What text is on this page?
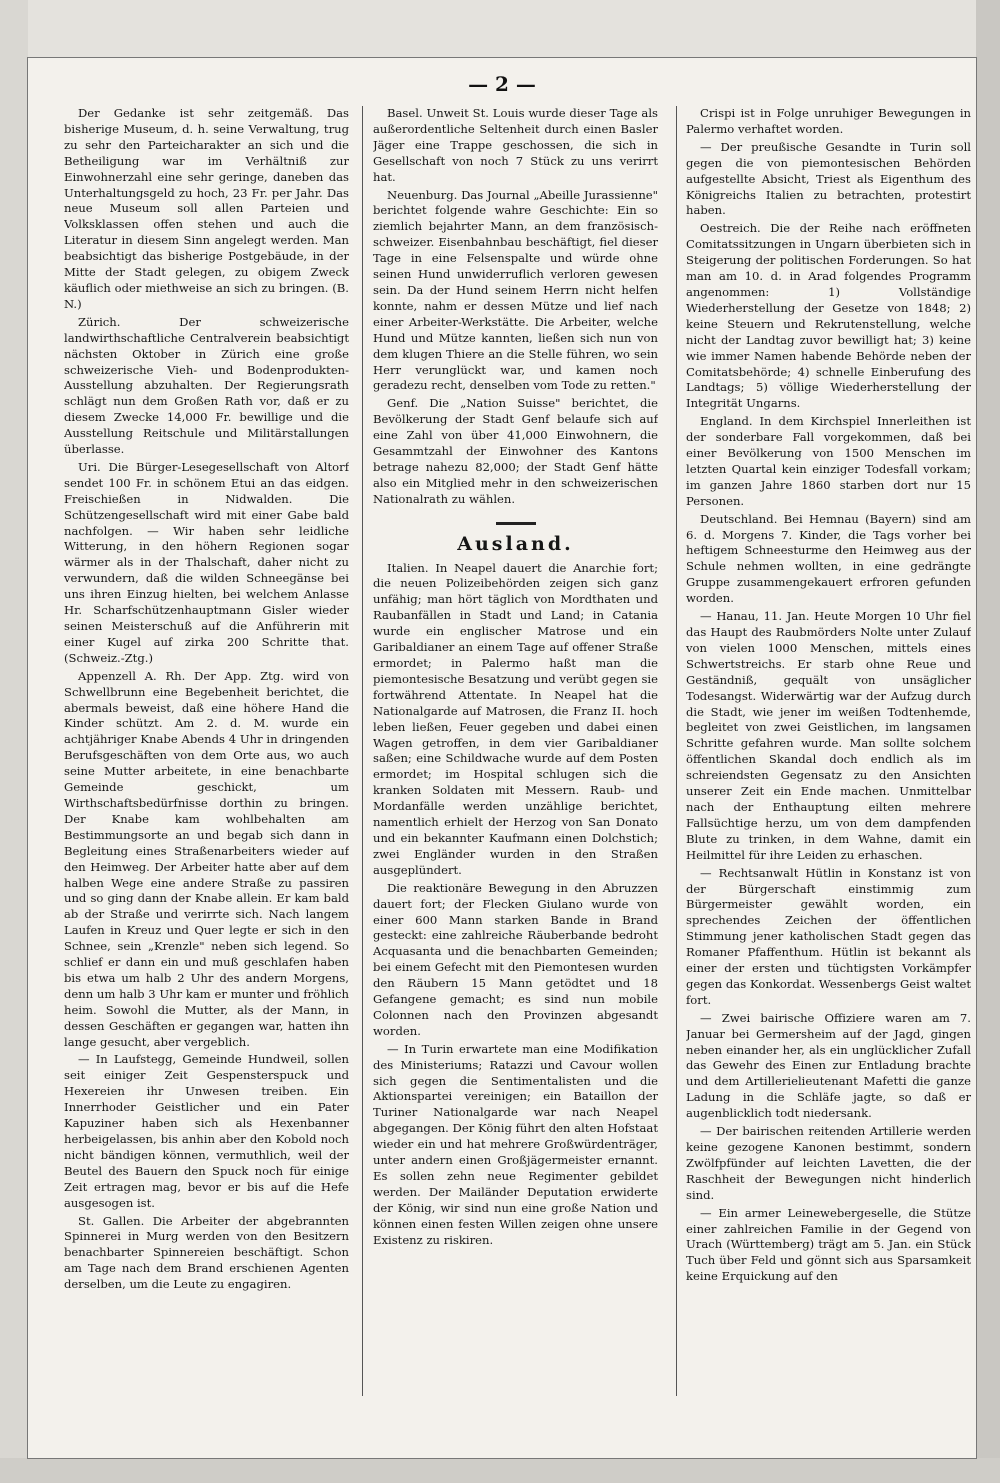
— 2 —

Der Gedanke ist sehr zeitgemäß. Das bisherige Museum, d. h. seine Verwaltung, trug zu sehr den Parteicharakter an sich und die Betheiligung war im Verhältniß zur Einwohnerzahl eine sehr geringe, daneben das Unterhaltungsgeld zu hoch, 23 Fr. per Jahr. Das neue Museum soll allen Parteien und Volksklassen offen stehen und auch die Literatur in diesem Sinn angelegt werden. Man beabsichtigt das bisherige Postgebäude, in der Mitte der Stadt gelegen, zu obigem Zweck käuflich oder miethweise an sich zu bringen. (B. N.)

Zürich. Der schweizerische landwirthschaftliche Centralverein beabsichtigt nächsten Oktober in Zürich eine große schweizerische Vieh- und Bodenprodukten-Ausstellung abzuhalten. Der Regierungsrath schlägt nun dem Großen Rath vor, daß er zu diesem Zwecke 14,000 Fr. bewillige und die Ausstellung Reitschule und Militärstallungen überlasse.

Uri. Die Bürger-Lesegesellschaft von Altorf sendet 100 Fr. in schönem Etui an das eidgen. Freischießen in Nidwalden. Die Schützengesellschaft wird mit einer Gabe bald nachfolgen. — Wir haben sehr leidliche Witterung, in den höhern Regionen sogar wärmer als in der Thalschaft, daher nicht zu verwundern, daß die wilden Schneegänse bei uns ihren Einzug hielten, bei welchem Anlasse Hr. Scharfschützenhauptmann Gisler wieder seinen Meisterschuß auf die Anführerin mit einer Kugel auf zirka 200 Schritte that. (Schweiz.-Ztg.)

Appenzell A. Rh. Der App. Ztg. wird von Schwellbrunn eine Begebenheit berichtet, die abermals beweist, daß eine höhere Hand die Kinder schützt. Am 2. d. M. wurde ein achtjähriger Knabe Abends 4 Uhr in dringenden Berufsgeschäften von dem Orte aus, wo auch seine Mutter arbeitete, in eine benachbarte Gemeinde geschickt, um Wirthschaftsbedürfnisse dorthin zu bringen. Der Knabe kam wohlbehalten am Bestimmungsorte an und begab sich dann in Begleitung eines Straßenarbeiters wieder auf den Heimweg. Der Arbeiter hatte aber auf dem halben Wege eine andere Straße zu passiren und so ging dann der Knabe allein. Er kam bald ab der Straße und verirrte sich. Nach langem Laufen in Kreuz und Quer legte er sich in den Schnee, sein „Krenzle" neben sich legend. So schlief er dann ein und muß geschlafen haben bis etwa um halb 2 Uhr des andern Morgens, denn um halb 3 Uhr kam er munter und fröhlich heim. Sowohl die Mutter, als der Mann, in dessen Geschäften er gegangen war, hatten ihn lange gesucht, aber vergeblich.

— In Laufstegg, Gemeinde Hundweil, sollen seit einiger Zeit Gespensterspuck und Hexereien ihr Unwesen treiben. Ein Innerrhoder Geistlicher und ein Pater Kapuziner haben sich als Hexenbanner herbeigelassen, bis anhin aber den Kobold noch nicht bändigen können, vermuthlich, weil der Beutel des Bauern den Spuck noch für einige Zeit ertragen mag, bevor er bis auf die Hefe ausgesogen ist.

St. Gallen. Die Arbeiter der abgebrannten Spinnerei in Murg werden von den Besitzern benachbarter Spinnereien beschäftigt. Schon am Tage nach dem Brand erschienen Agenten derselben, um die Leute zu engagiren.

Basel. Unweit St. Louis wurde dieser Tage als außerordentliche Seltenheit durch einen Basler Jäger eine Trappe geschossen, die sich in Gesellschaft von noch 7 Stück zu uns verirrt hat.

Neuenburg. Das Journal „Abeille Jurassienne" berichtet folgende wahre Geschichte: Ein so ziemlich bejahrter Mann, an dem französisch-schweizer. Eisenbahnbau beschäftigt, fiel dieser Tage in eine Felsenspalte und würde ohne seinen Hund unwiderruflich verloren gewesen sein. Da der Hund seinem Herrn nicht helfen konnte, nahm er dessen Mütze und lief nach einer Arbeiter-Werkstätte. Die Arbeiter, welche Hund und Mütze kannten, ließen sich nun von dem klugen Thiere an die Stelle führen, wo sein Herr verunglückt war, und kamen noch geradezu recht, denselben vom Tode zu retten."

Genf. Die „Nation Suisse" berichtet, die Bevölkerung der Stadt Genf belaufe sich auf eine Zahl von über 41,000 Einwohnern, die Gesammtzahl der Einwohner des Kantons betrage nahezu 82,000; der Stadt Genf hätte also ein Mitglied mehr in den schweizerischen Nationalrath zu wählen.

Ausland.

Italien. In Neapel dauert die Anarchie fort; die neuen Polizeibehörden zeigen sich ganz unfähig; man hört täglich von Mordthaten und Raubanfällen in Stadt und Land; in Catania wurde ein englischer Matrose und ein Garibaldianer an einem Tage auf offener Straße ermordet; in Palermo haßt man die piemontesische Besatzung und verübt gegen sie fortwährend Attentate. In Neapel hat die Nationalgarde auf Matrosen, die Franz II. hoch leben ließen, Feuer gegeben und dabei einen Wagen getroffen, in dem vier Garibaldianer saßen; eine Schildwache wurde auf dem Posten ermordet; im Hospital schlugen sich die kranken Soldaten mit Messern. Raub- und Mordanfälle werden unzählige berichtet, namentlich erhielt der Herzog von San Donato und ein bekannter Kaufmann einen Dolchstich; zwei Engländer wurden in den Straßen ausgeplündert.

Die reaktionäre Bewegung in den Abruzzen dauert fort; der Flecken Giulano wurde von einer 600 Mann starken Bande in Brand gesteckt: eine zahlreiche Räuberbande bedroht Acquasanta und die benachbarten Gemeinden; bei einem Gefecht mit den Piemontesen wurden den Räubern 15 Mann getödtet und 18 Gefangene gemacht; es sind nun mobile Colonnen nach den Provinzen abgesandt worden.

— In Turin erwartete man eine Modifikation des Ministeriums; Ratazzi und Cavour wollen sich gegen die Sentimentalisten und die Aktionspartei vereinigen; ein Bataillon der Turiner Nationalgarde war nach Neapel abgegangen. Der König führt den alten Hofstaat wieder ein und hat mehrere Großwürdenträger, unter andern einen Großjägermeister ernannt. Es sollen zehn neue Regimenter gebildet werden. Der Mailänder Deputation erwiderte der König, wir sind nun eine große Nation und können einen festen Willen zeigen ohne unsere Existenz zu riskiren.

Crispi ist in Folge unruhiger Bewegungen in Palermo verhaftet worden.

— Der preußische Gesandte in Turin soll gegen die von piemontesischen Behörden aufgestellte Absicht, Triest als Eigenthum des Königreichs Italien zu betrachten, protestirt haben.

Oestreich. Die der Reihe nach eröffneten Comitatssitzungen in Ungarn überbieten sich in Steigerung der politischen Forderungen. So hat man am 10. d. in Arad folgendes Programm angenommen: 1) Vollständige Wiederherstellung der Gesetze von 1848; 2) keine Steuern und Rekrutenstellung, welche nicht der Landtag zuvor bewilligt hat; 3) keine wie immer Namen habende Behörde neben der Comitatsbehörde; 4) schnelle Einberufung des Landtags; 5) völlige Wiederherstellung der Integrität Ungarns.

England. In dem Kirchspiel Innerleithen ist der sonderbare Fall vorgekommen, daß bei einer Bevölkerung von 1500 Menschen im letzten Quartal kein einziger Todesfall vorkam; im ganzen Jahre 1860 starben dort nur 15 Personen.

Deutschland. Bei Hemnau (Bayern) sind am 6. d. Morgens 7. Kinder, die Tags vorher bei heftigem Schneesturme den Heimweg aus der Schule nehmen wollten, in eine gedrängte Gruppe zusammengekauert erfroren gefunden worden.

— Hanau, 11. Jan. Heute Morgen 10 Uhr fiel das Haupt des Raubmörders Nolte unter Zulauf von vielen 1000 Menschen, mittels eines Schwertstreichs. Er starb ohne Reue und Geständniß, gequält von unsäglicher Todesangst. Widerwärtig war der Aufzug durch die Stadt, wie jener im weißen Todtenhemde, begleitet von zwei Geistlichen, im langsamen Schritte gefahren wurde. Man sollte solchem öffentlichen Skandal doch endlich als im schreiendsten Gegensatz zu den Ansichten unserer Zeit ein Ende machen. Unmittelbar nach der Enthauptung eilten mehrere Fallsüchtige herzu, um von dem dampfenden Blute zu trinken, in dem Wahne, damit ein Heilmittel für ihre Leiden zu erhaschen.

— Rechtsanwalt Hütlin in Konstanz ist von der Bürgerschaft einstimmig zum Bürgermeister gewählt worden, ein sprechendes Zeichen der öffentlichen Stimmung jener katholischen Stadt gegen das Romaner Pfaffenthum. Hütlin ist bekannt als einer der ersten und tüchtigsten Vorkämpfer gegen das Konkordat. Wessenbergs Geist waltet fort.

— Zwei bairische Offiziere waren am 7. Januar bei Germersheim auf der Jagd, gingen neben einander her, als ein unglücklicher Zufall das Gewehr des Einen zur Entladung brachte und dem Artillerielieutenant Mafetti die ganze Ladung in die Schläfe jagte, so daß er augenblicklich todt niedersank.

— Der bairischen reitenden Artillerie werden keine gezogene Kanonen bestimmt, sondern Zwölfpfünder auf leichten Lavetten, die der Raschheit der Bewegungen nicht hinderlich sind.

— Ein armer Leinewebergeselle, die Stütze einer zahlreichen Familie in der Gegend von Urach (Württemberg) trägt am 5. Jan. ein Stück Tuch über Feld und gönnt sich aus Sparsamkeit keine Erquickung auf den
